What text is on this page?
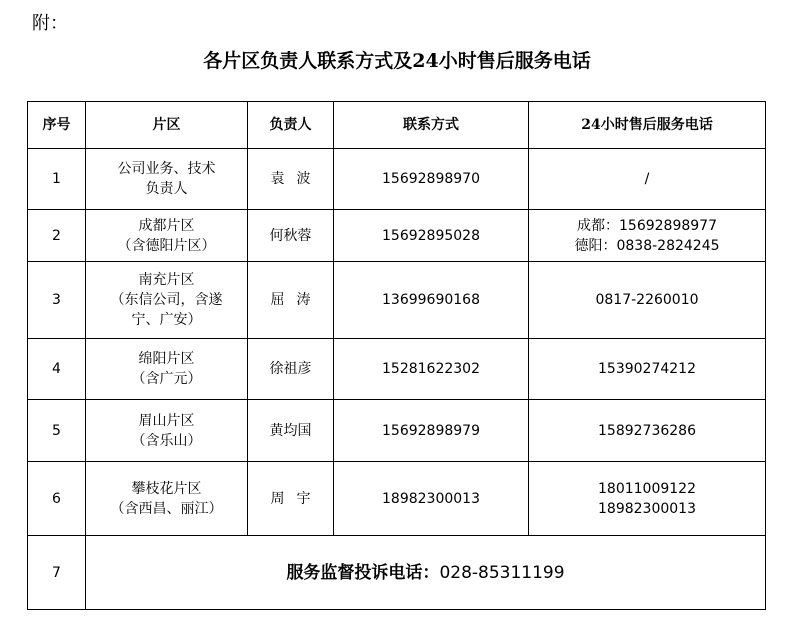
附：
各片区负责人联系方式及24小时售后服务电话
序号	片区	负责人	联系方式	24小时售后服务电话
1	公司业务、技术
负责人	袁波	15692898970	/

2	成都片区
（含德阳片区）	何秋蓉	15692895028	成都：15692898977
德阳：0838-2824245

3	南充片区
（东信公司，含遂
宁、广安）	屈涛	13699690168	0817-2260010

4	绵阳片区
（含广元）	徐祖彦	15281622302	15390274212

5	眉山片区
（含乐山）	黄均国	15692898979	15892736286

6	攀枝花片区
（含西昌、丽江）	周宇	18982300013	18011009122
18982300013

7	服务监督投诉电话：028-85311199			
